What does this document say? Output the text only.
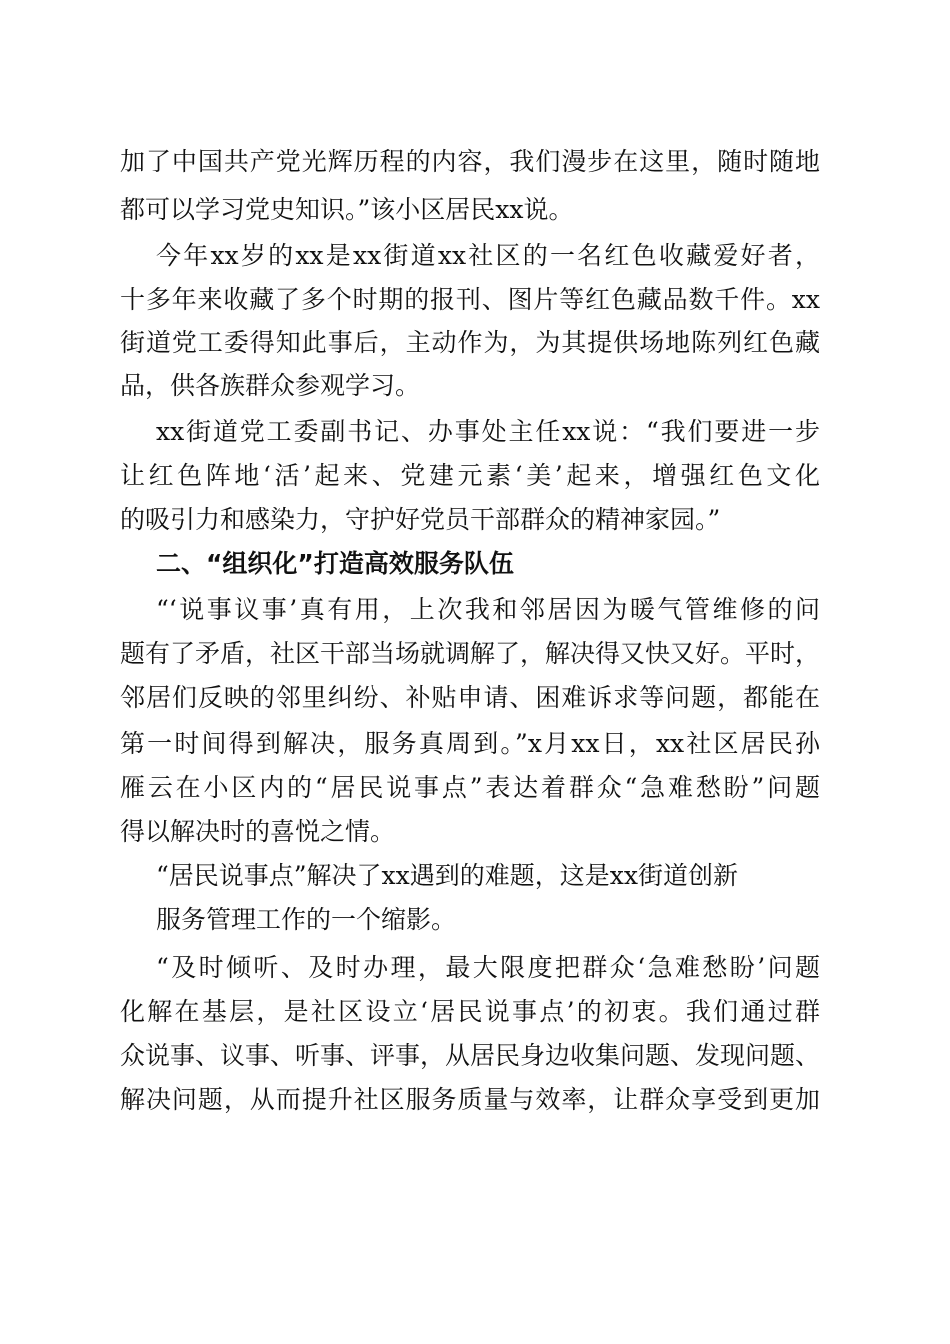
加了中国共产党光辉历程的内容，我们漫步在这里，随时随地
都可以学习党史知识。”该小区居民xx说。
今年xx岁的xx是xx街道xx社区的一名红色收藏爱好者，
十多年来收藏了多个时期的报刊、图片等红色藏品数千件。xx
街道党工委得知此事后，主动作为，为其提供场地陈列红色藏
品，供各族群众参观学习。
xx街道党工委副书记、办事处主任xx说：“我们要进一步
让红色阵地‘活’起来、党建元素‘美’起来，增强红色文化
的吸引力和感染力，守护好党员干部群众的精神家园。”
二、“组织化”打造高效服务队伍
“‘说事议事’真有用，上次我和邻居因为暖气管维修的问
题有了矛盾，社区干部当场就调解了，解决得又快又好。平时，
邻居们反映的邻里纠纷、补贴申请、困难诉求等问题，都能在
第一时间得到解决，服务真周到。”x月xx日，xx社区居民孙
雁云在小区内的“居民说事点”表达着群众“急难愁盼”问题
得以解决时的喜悦之情。
“居民说事点”解决了xx遇到的难题，这是xx街道创新
服务管理工作的一个缩影。
“及时倾听、及时办理，最大限度把群众‘急难愁盼’问题
化解在基层，是社区设立‘居民说事点’的初衷。我们通过群
众说事、议事、听事、评事，从居民身边收集问题、发现问题、
解决问题，从而提升社区服务质量与效率，让群众享受到更加
